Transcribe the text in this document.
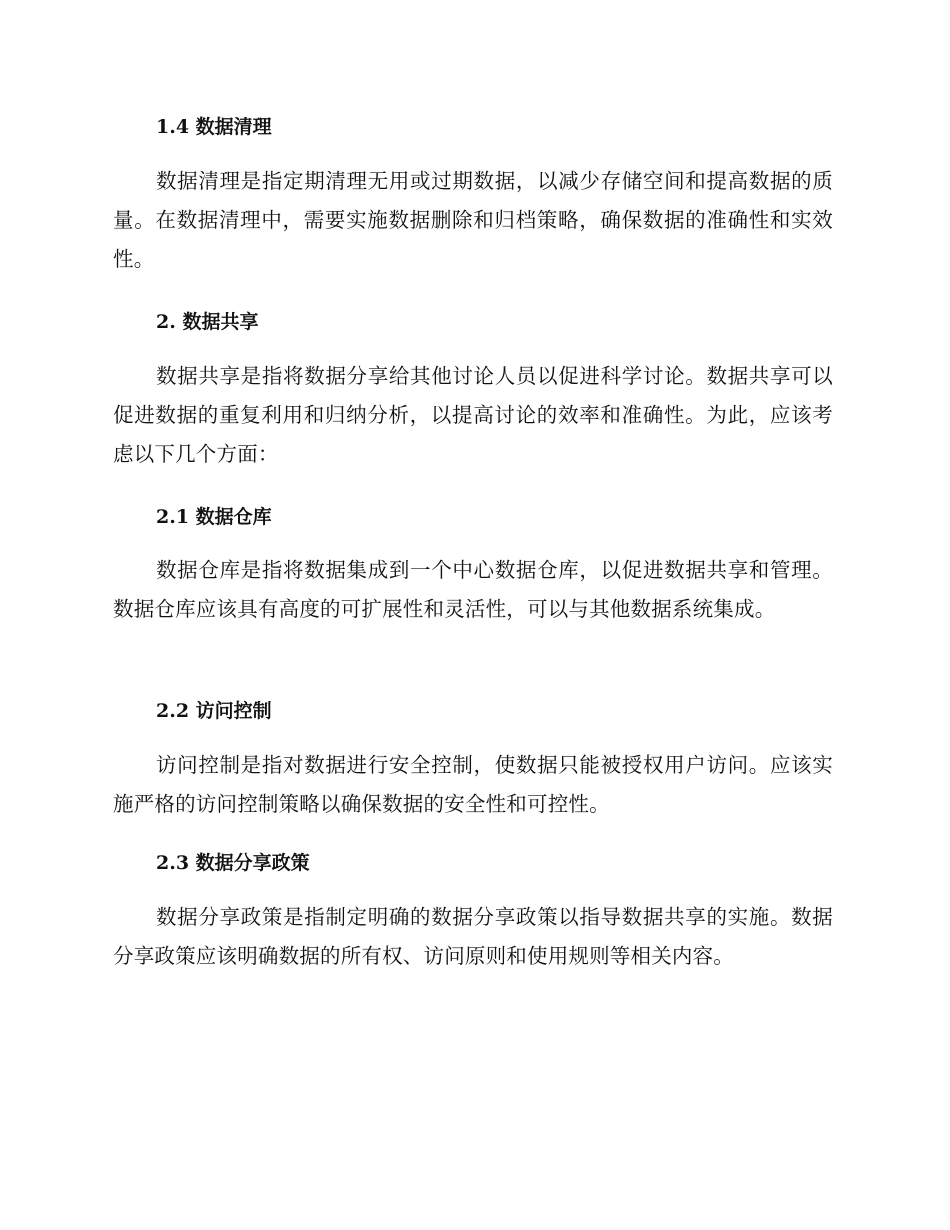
1.4 数据清理
数据清理是指定期清理无用或过期数据，以减少存储空间和提高数据的质量。在数据清理中，需要实施数据删除和归档策略，确保数据的准确性和实效性。
2. 数据共享
数据共享是指将数据分享给其他讨论人员以促进科学讨论。数据共享可以促进数据的重复利用和归纳分析，以提高讨论的效率和准确性。为此，应该考虑以下几个方面：
2.1 数据仓库
数据仓库是指将数据集成到一个中心数据仓库，以促进数据共享和管理。数据仓库应该具有高度的可扩展性和灵活性，可以与其他数据系统集成。
2.2 访问控制
访问控制是指对数据进行安全控制，使数据只能被授权用户访问。应该实施严格的访问控制策略以确保数据的安全性和可控性。
2.3 数据分享政策
数据分享政策是指制定明确的数据分享政策以指导数据共享的实施。数据分享政策应该明确数据的所有权、访问原则和使用规则等相关内容。
